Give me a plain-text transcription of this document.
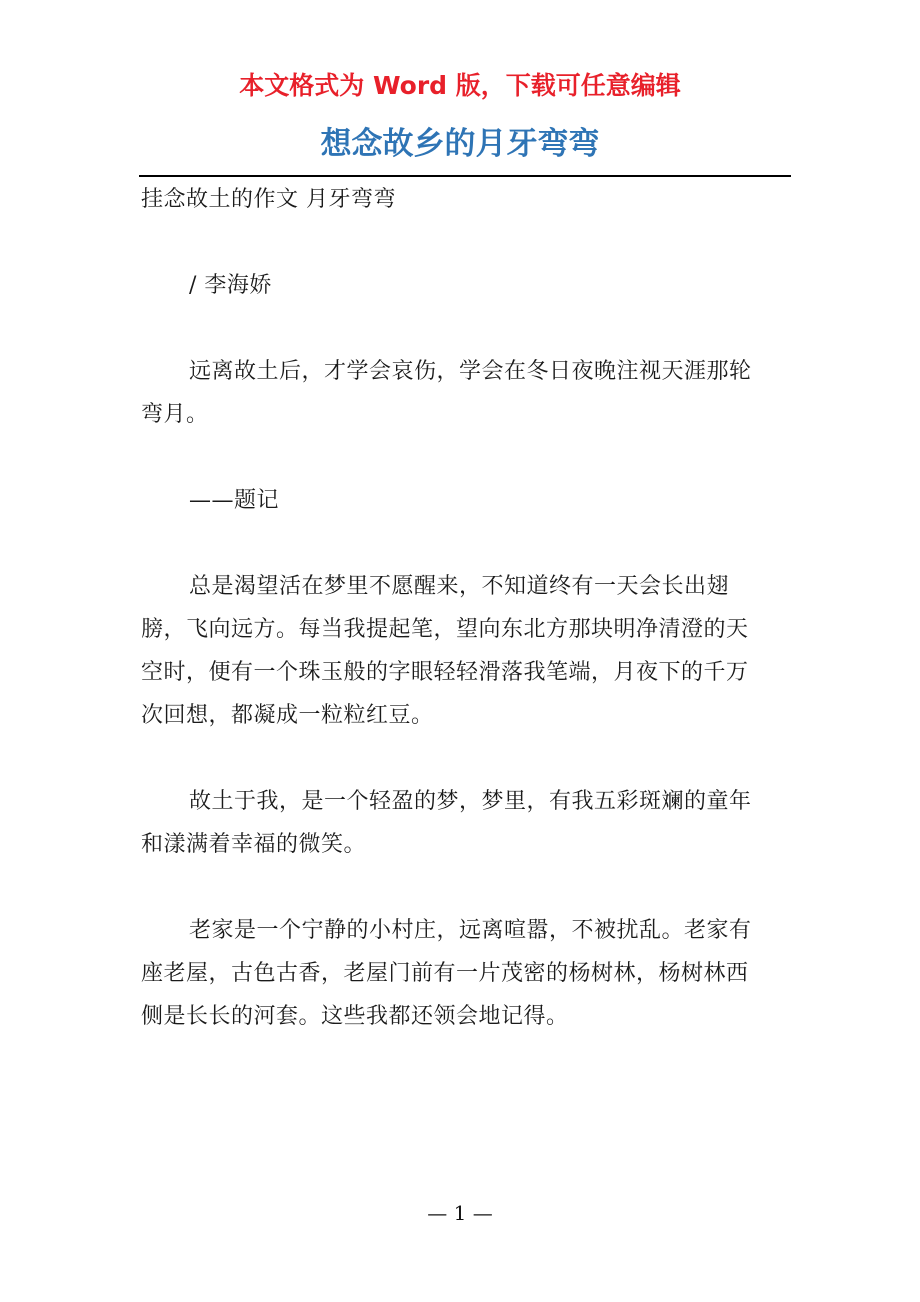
本文格式为 Word 版，下载可任意编辑
想念故乡的月牙弯弯

挂念故土的作文 月牙弯弯

/ 李海娇

远离故土后，才学会哀伤，学会在冬日夜晚注视天涯那轮弯月。

——题记

总是渴望活在梦里不愿醒来，不知道终有一天会长出翅膀，飞向远方。每当我提起笔，望向东北方那块明净清澄的天空时，便有一个珠玉般的字眼轻轻滑落我笔端，月夜下的千万次回想，都凝成一粒粒红豆。

故土于我，是一个轻盈的梦，梦里，有我五彩斑斓的童年和漾满着幸福的微笑。

老家是一个宁静的小村庄，远离喧嚣，不被扰乱。老家有座老屋，古色古香，老屋门前有一片茂密的杨树林，杨树林西侧是长长的河套。这些我都还领会地记得。

— 1 —
